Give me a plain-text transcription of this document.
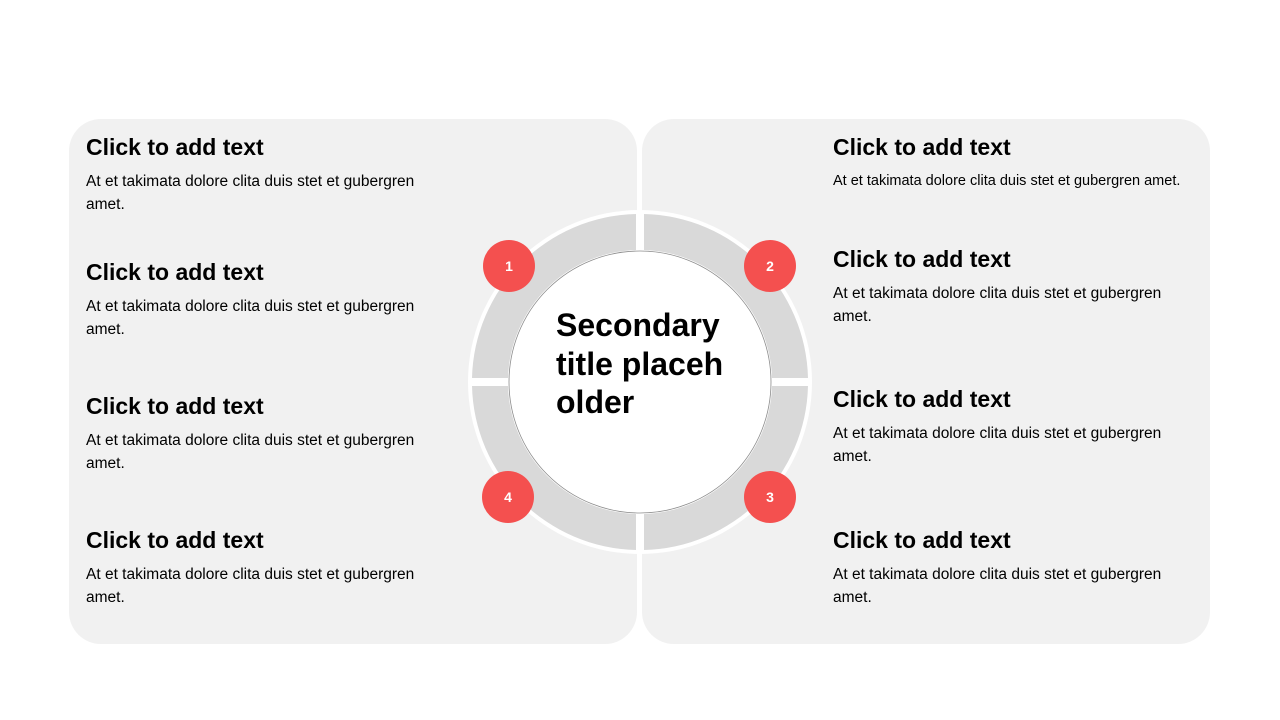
Click to add text
At et takimata dolore clita duis stet et gubergren amet.
Click to add text
At et takimata dolore clita duis stet et gubergren amet.
Click to add text
At et takimata dolore clita duis stet et gubergren amet.
Click to add text
At et takimata dolore clita duis stet et gubergren amet.
Click to add text
At et takimata dolore clita duis stet et gubergren amet.
Click to add text
At et takimata dolore clita duis stet et gubergren amet.
Click to add text
At et takimata dolore clita duis stet et gubergren amet.
Click to add text
At et takimata dolore clita duis stet et gubergren amet.
1	2
3
4
Secondary title placeholder
